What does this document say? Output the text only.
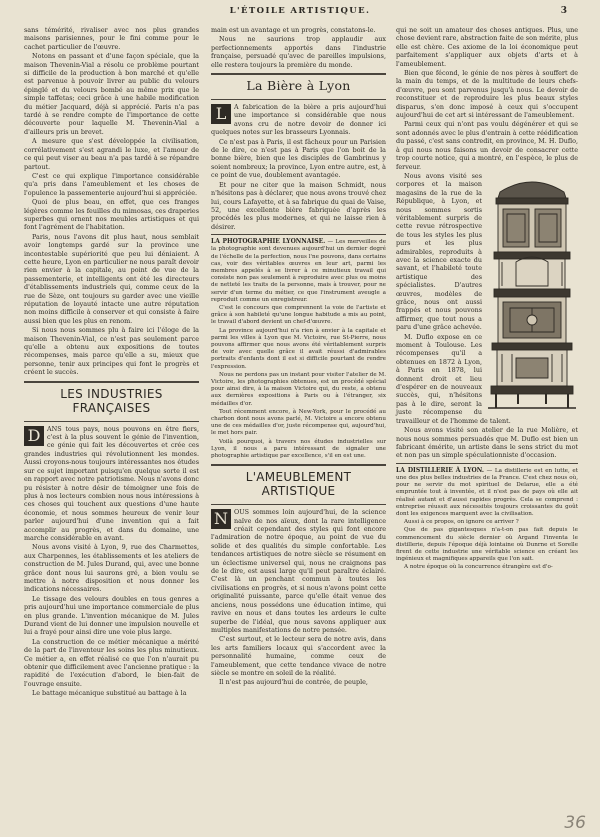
L'ÉTOILE ARTISTIQUE.	3

sans témérité, rivaliser avec nos plus grandes maisons parisiennes, pour le fini comme pour le cachet particulier de l'œuvre.

Notons en passant et d'une façon spéciale, que la maison Thevenin-Vial a résolu ce problème pourtant si difficile de la production à bon marché et qu'elle est parvenue à pouvoir livrer au public du velours épinglé et du velours bombé au même prix que le simple taffetas; ceci grâce à une habile modification du métier Jacquard, déjà si apprécié. Paris n'a pas tardé à se rendre compte de l'importance de cette découverte pour laquelle M. Thevenin-Vial a d'ailleurs pris un brevet.

A mesure que s'est développée la civilisation, corrélativement s'est agrandi le luxe, et l'amour de ce qui peut viser au beau n'a pas tardé à se répandre partout.

C'est ce qui explique l'importance considérable qu'a pris dans l'ameublement et les choses de l'opulence la passementerie aujourd'hui si appréciée.

Quoi de plus beau, en effet, que ces franges légères comme les feuilles du mimosas, ces draperies superbes qui ornent nos meubles artistiques et qui font l'agrément de l'habitation.

Paris, nous l'avons dit plus haut, nous semblait avoir longtemps gardé sur la province une incontestable supériorité que peu lui déniaient. A cette heure, Lyon en particulier ne nous paraît devoir rien envier à la capitale, au point de vue de la passementerie, et intelligents ont été les directeurs d'établissements industriels qui, comme ceux de la rue de Sèze, ont toujours su garder avec une vieille réputation de loyauté intacte une autre réputation non moins difficile à conserver et qui consiste à faire aussi bien que les plus en renom.

Si nous nous sommes plu à faire ici l'éloge de la maison Thevenin-Vial, ce n'est pas seulement parce qu'elle a obtenu aux expositions de toutes récompenses, mais parce qu'elle a su, mieux que personne, tenir aux principes qui font le progrès et créent le succès.

LES INDUSTRIES FRANÇAISES

D	ANS tous pays, nous pouvons en être fiers, c'est à la plus souvent le génie de l'invention, ce génie qui fait les découvertes et crée ces grandes industries qui révolutionnent les mondes. Aussi croyons-nous toujours intéressantes nos études sur ce sujet important puisqu'en quelque sorte il est en rapport avec notre patriotisme. Nous n'avons donc pu résister à notre désir de témoigner une fois de plus à nos lecteurs combien nous nous intéressions à ces choses qui touchent aux questions d'une haute économie, et nous sommes heureux de venir leur parler aujourd'hui d'une invention qui a fait accomplir au progrès, et dans du domaine, une marche considérable en avant.

Nous avons visité à Lyon, 9, rue des Charmettes, aux Charpennes, les établissements et les ateliers de construction de M. Jules Durand, qui, avec une bonne grâce dont nous lui saurons gré, a bien voulu se mettre à notre disposition et nous donner les indications nécessaires.

Le tissage des velours doubles en tous genres a pris aujourd'hui une importance commerciale de plus en plus grande. L'invention mécanique de M. Jules Durand vient de lui donner une impulsion nouvelle et lui a frayé pour ainsi dire une voie plus large.

La construction de ce métier mécanique a mérité de la part de l'inventeur les soins les plus minutieux. Ce métier a, en effet réalisé ce que l'on n'aurait pu obtenir que difficilement avec l'ancienne pratique : la rapidité de l'exécution d'abord, le bien-fait de l'ouvrage ensuite.

Le battage mécanique substitué au battage à la

main est un avantage et un progrès, constatons-le.

Nous ne saurions trop applaudir aux perfectionnements apportés dans l'industrie française, persuadé qu'avec de pareilles impulsions, elle restera toujours la première du monde.

La Bière à Lyon

L	A fabrication de la bière a pris aujourd'hui une importance si considérable que nous avons cru de notre devoir de donner ici quelques notes sur les brasseurs Lyonnais.

Ce n'est pas à Paris, il est fâcheux pour un Parisien de le dire, ce n'est pas à Paris que l'on boit de la bonne bière, bien que les disciples de Gambrinus y soient nombreux; la province, Lyon entre autre, est, à ce point de vue, doublement avantagée.

Et pour ne citer que la maison Schmidt, nous n'hésitons pas à déclarer, que nous avons trouvé chez lui, cours Lafayette, et à sa fabrique du quai de Vaise, 52, une excellente bière fabriquée d'après les procédés les plus modernes, et qui ne laisse rien à désirer.

LA PHOTOGRAPHIE LYONNAISE. — Les merveilles de la photographie sont devenues aujourd'hui un dernier degré de l'échelle de la perfection, nous l'ne pouvons, dans certains cas, voir des véritables œuvres en leur art, parmi les membres appelés à se livrer à ce minutieux travail qui consiste non pas seulement à reproduire avec plus ou moins de netteté les traits de la personne, mais à trouver, pour ne servir d'un terme du métier, ce que l'instrument aveugle a reproduit comme un enregistreur.

C'est le concours que comprennent la voie de l'artiste et grâce à son habileté qu'une longue habitude a mis au point, le travail d'abord devient un chef-d'œuvre.

La province aujourd'hui n'a rien à envier à la capitale et parmi les villes à Lyon que M. Victoire, rue St-Pierre, nous pouvons affirmer que nous avons été véritablement surpris de voir avec quelle grâce il avait réussi d'admirables portraits d'enfants dont il est si difficile pourtant de rendre l'expression.

Nous ne perdons pas un instant pour visiter l'atelier de M. Victoire, les photographies obtenues, est un procédé spécial pour ainsi dire, à la maison Victoire qui, du reste, a obtenu aux dernières expositions à Paris ou à l'étranger, six médailles d'or.

Tout récemment encore, à New-York, pour le procédé au charbon dont nous avons parlé, M. Victoire a encore obtenu une de ces médailles d'or, juste récompense qui, aujourd'hui, le met hors pair.

Voilà pourquoi, à travers nos études industrielles sur Lyon, il nous a paru intéressant de signaler une photographie artistique par excellence, s'il en est une.

L'AMEUBLEMENT ARTISTIQUE

N OUS sommes loin aujourd'hui, de la science naïve de nos aïeux, dont la rare intelligence créait cependant des styles qui font encore l'admiration de notre époque, au point de vue du solide et des qualités du simple confortable. Les tendances artistiques de notre siècle se résument en un éclectisme universel qui, nous ne craignons pas de le dire, est aussi large qu'il peut paraître éclairé. C'est là un penchant commun à toutes les civilisations en progrès, et si nous n'avons point cette originalité puissante, parce qu'elle était venue des anciens, nous possédons une éducation intime, qui ravive en nous et dans toutes les ardeurs le culte superbe de l'idéal, que nous savons appliquer aux multiples manifestations de notre pensée.

C'est surtout, et le lecteur sera de notre avis, dans les arts familiers locaux qui s'accordent avec la personnalité humaine, comme ceux de l'ameublement, que cette tendance vivace de notre siècle se montre en soleil de la réalité.

Il n'est pas aujourd'hui de contrée, de peuple,

qui ne soit un amateur des choses antiques. Plus, une chose devient rare, abstraction faite de son mérite, plus elle est chère. Ces axiome de la loi économique peut parfaitement s'appliquer aux objets d'arts et à l'ameublement.

Bien que fécond, le génie de nos pères à souffert de la main du temps, et de la multitude de leurs chefs-d'œuvre, peu sont parvenus jusqu'à nous. Le devoir de reconstituer et de reproduire les plus beaux styles disparus, s'en donc imposé à ceux qui s'occupent aujourd'hui de cet art si intéressant de l'ameublement.

Parmi ceux qui n'ont pas voulu dégénérer et qui se sont adonnés avec le plus d'entrain à cette réédification du passé, c'est sans contredit, en province, M. H. Duflo, à qui nous nous faisons un devoir de consacrer cette trop courte notice, qui a montré, en l'espèce, le plus de ferveur.

Nous avons visité ses corpores et la maison magasins de la rue de la République, à Lyon, et nous sommes sortis véritablement surpris de cette revue rétrospective de tous les styles les plus purs et les plus admirables, reproduits à avec la science exacte du savant, et l'habileté toute artistique des spécialistes. D'autres œuvres, modèles de grâce, nous ont aussi frappés et nous pouvons affirmer, que tout nous a paru d'une grâce achevée.

M. Duflo expose en ce moment à Toulouse. Les récompenses qu'il a obtenues en 1872 à Lyon, à Paris en 1878, lui donnent droit et lieu d'espérer en de nouveaux succès, qui, n'hésitons pas à le dire, seront la juste récompense du travailleur et de l'homme de talent.

Nous avons visité son atelier de la rue Molière, et nous nous sommes persuadés que M. Duflo est bien un fabricant émérite, un artiste dans le sens strict du mot et non pas un simple spéculationniste d'occasion.

LA DISTILLERIE À LYON. — La distillerie est en lutte, et une des plus belles industries de la France. C'est chez nous où, pour ne servir du mot spirituel de Delarue, elle a été empruntée tout à inventée, et il n'est pas de pays où elle ait réalisé autant et d'aussi rapides progrès. Cela se comprend : entreprise réussit aux nécessités toujours croissantes du goût dont les exigences marquent avec la civilisation.

Aussi à ce propos, on ignore ce arriver ?

Que de pas gigantesques n'a-t-on pas fait depuis le commencement du siècle dernier où Argand l'inventa le distillerie, depuis l'époque déjà lointaine où Dunrne et Sorelle firent de cette industrie une véritable science en créant les ingénieux et magnifiques appareils que l'on sait.

A notre époque où la concurrence étrangère est d'o-

36
